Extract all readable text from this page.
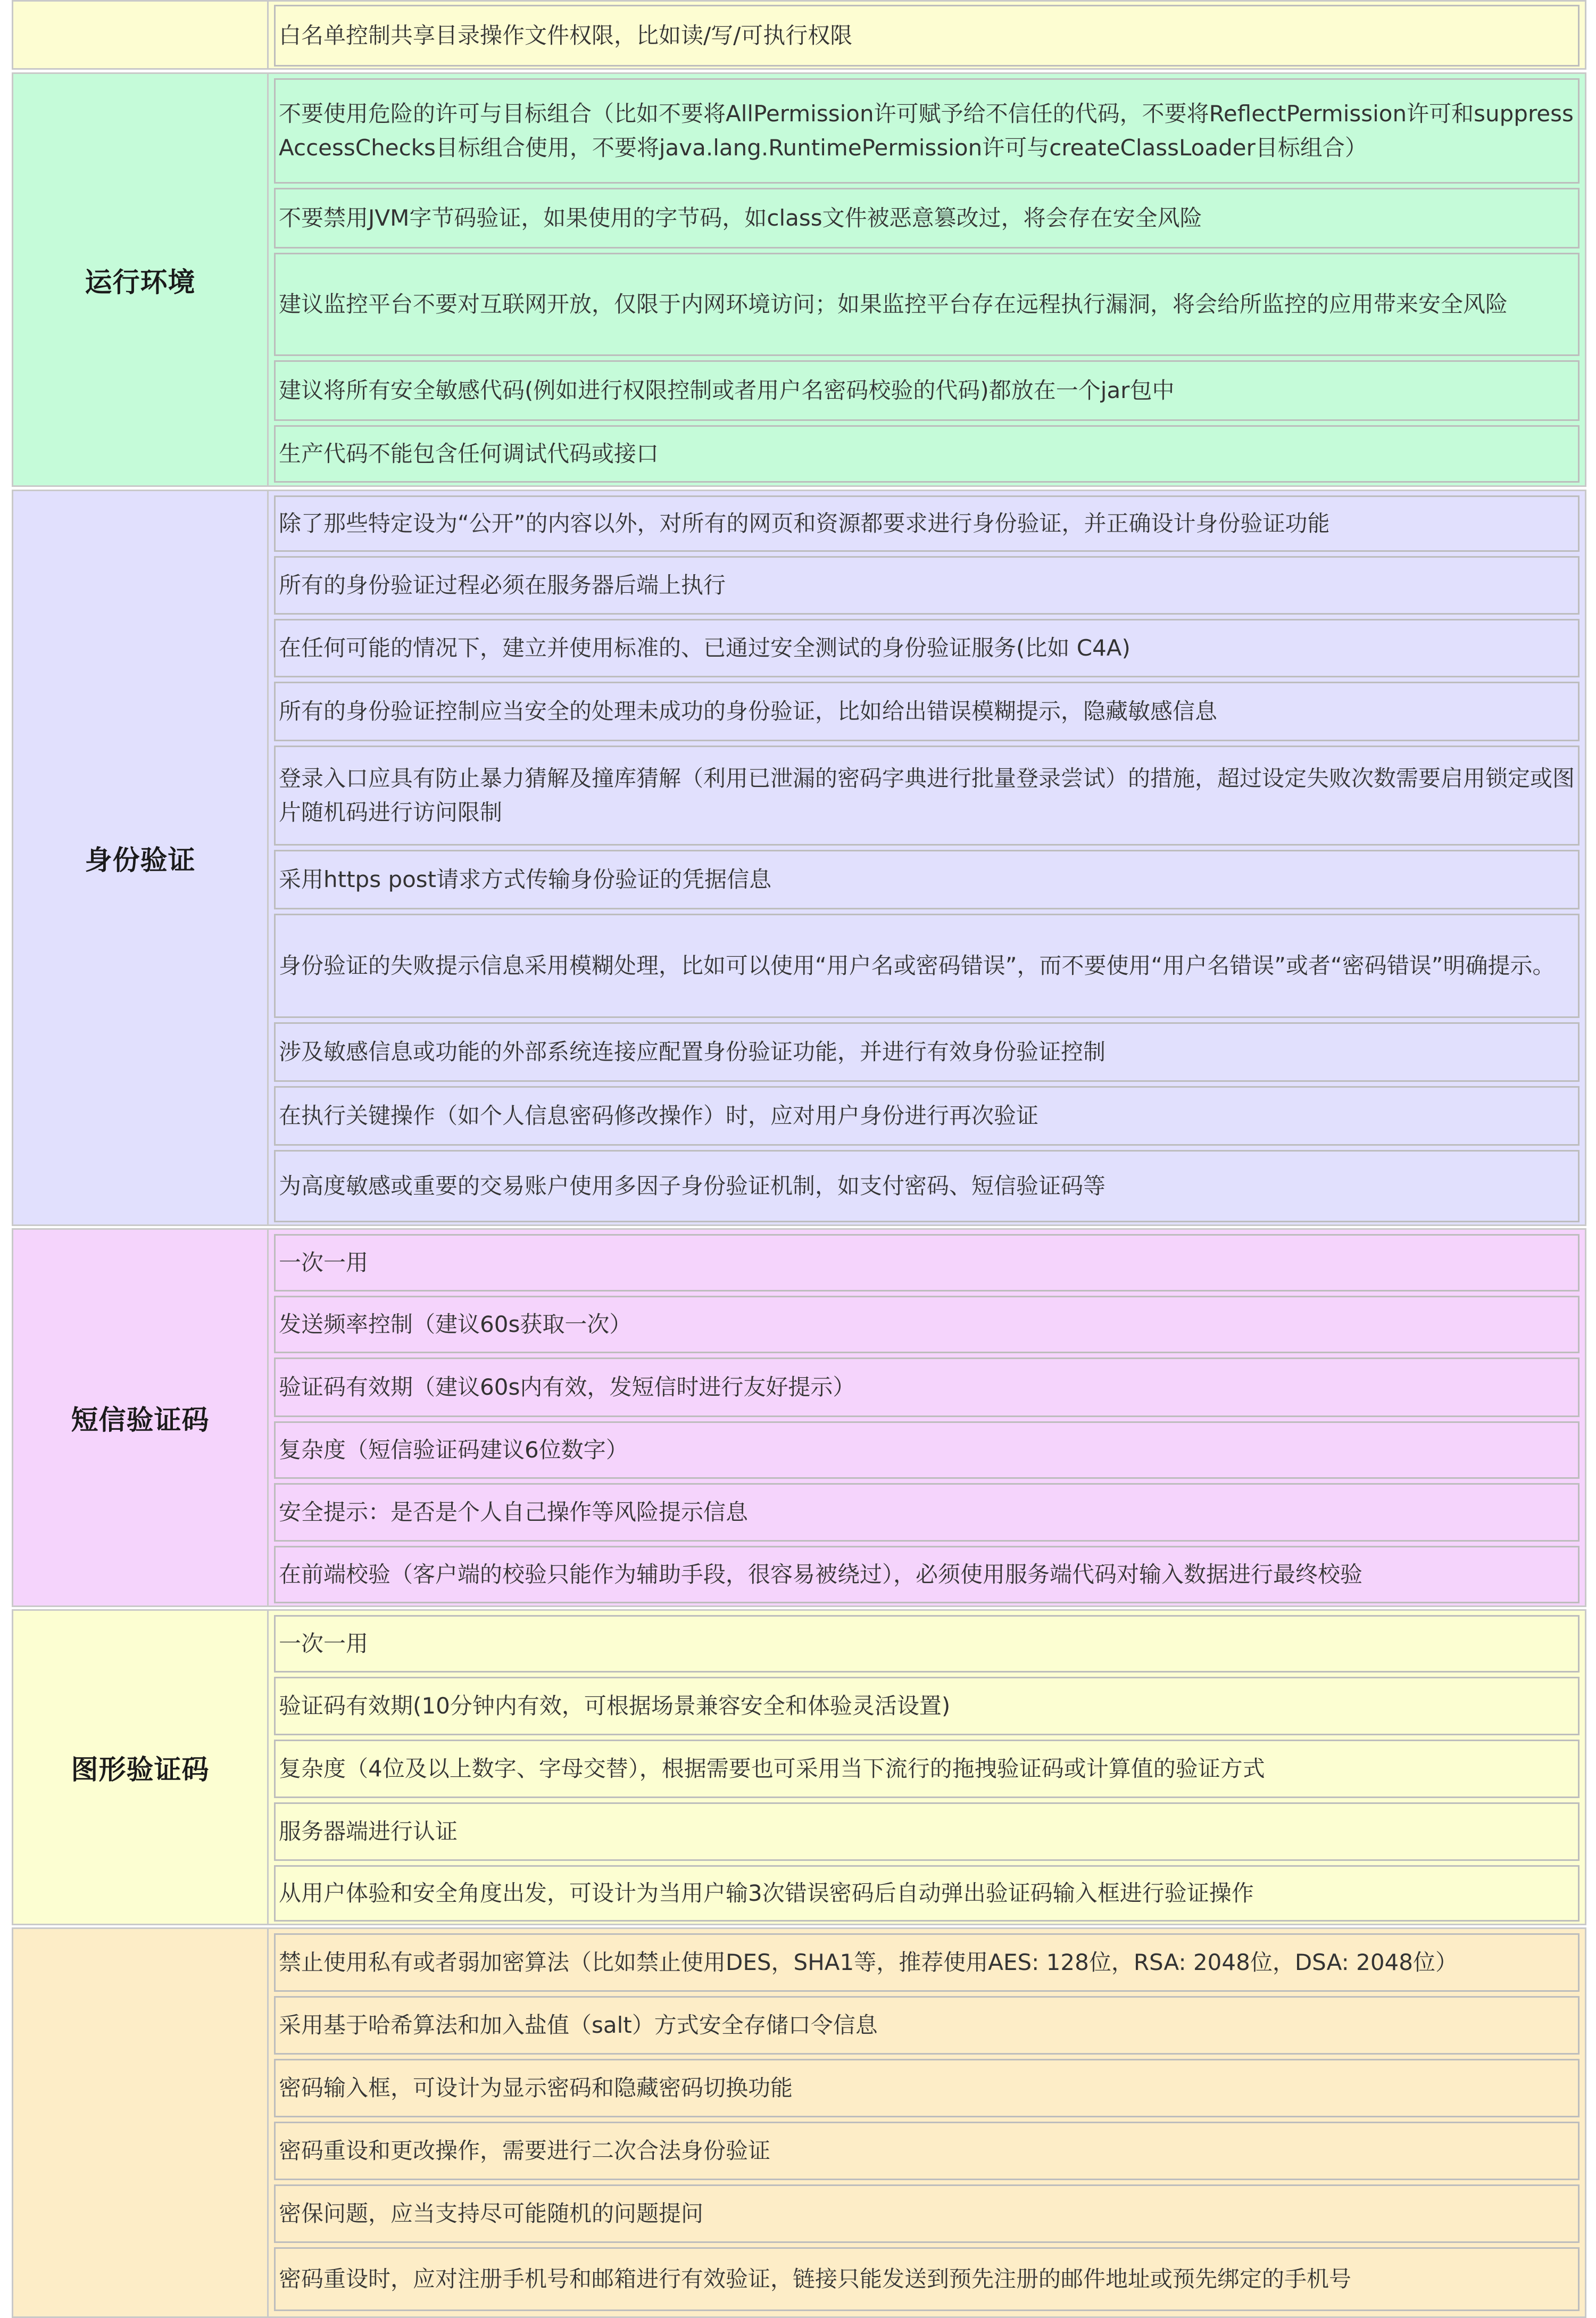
白名单控制共享目录操作文件权限，比如读/写/可执行权限
运行环境
不要使用危险的许可与目标组合（比如不要将AllPermission许可赋予给不信任的代码，不要将ReflectPermission许可和suppressAccessChecks目标组合使用，不要将java.lang.RuntimePermission许可与createClassLoader目标组合）
不要禁用JVM字节码验证，如果使用的字节码，如class文件被恶意篡改过，将会存在安全风险
建议监控平台不要对互联网开放，仅限于内网环境访问；如果监控平台存在远程执行漏洞，将会给所监控的应用带来安全风险
建议将所有安全敏感代码(例如进行权限控制或者用户名密码校验的代码)都放在一个jar包中
生产代码不能包含任何调试代码或接口
身份验证
除了那些特定设为“公开”的内容以外，对所有的网页和资源都要求进行身份验证，并正确设计身份验证功能
所有的身份验证过程必须在服务器后端上执行
在任何可能的情况下，建立并使用标准的、已通过安全测试的身份验证服务(比如 C4A)
所有的身份验证控制应当安全的处理未成功的身份验证，比如给出错误模糊提示，隐藏敏感信息
登录入口应具有防止暴力猜解及撞库猜解（利用已泄漏的密码字典进行批量登录尝试）的措施，超过设定失败次数需要启用锁定或图片随机码进行访问限制
采用https post请求方式传输身份验证的凭据信息
身份验证的失败提示信息采用模糊处理，比如可以使用“用户名或密码错误”，而不要使用“用户名错误”或者“密码错误”明确提示。
涉及敏感信息或功能的外部系统连接应配置身份验证功能，并进行有效身份验证控制
在执行关键操作（如个人信息密码修改操作）时，应对用户身份进行再次验证
为高度敏感或重要的交易账户使用多因子身份验证机制，如支付密码、短信验证码等
短信验证码
一次一用
发送频率控制（建议60s获取一次）
验证码有效期（建议60s内有效，发短信时进行友好提示）
复杂度（短信验证码建议6位数字）
安全提示：是否是个人自己操作等风险提示信息
在前端校验（客户端的校验只能作为辅助手段，很容易被绕过），必须使用服务端代码对输入数据进行最终校验
图形验证码
一次一用
验证码有效期(10分钟内有效，可根据场景兼容安全和体验灵活设置)
复杂度（4位及以上数字、字母交替），根据需要也可采用当下流行的拖拽验证码或计算值的验证方式
服务器端进行认证
从用户体验和安全角度出发，可设计为当用户输3次错误密码后自动弹出验证码输入框进行验证操作
禁止使用私有或者弱加密算法（比如禁止使用DES，SHA1等，推荐使用AES: 128位，RSA: 2048位，DSA: 2048位）
采用基于哈希算法和加入盐值（salt）方式安全存储口令信息
密码输入框，可设计为显示密码和隐藏密码切换功能
密码重设和更改操作，需要进行二次合法身份验证
密保问题，应当支持尽可能随机的问题提问
密码重设时，应对注册手机号和邮箱进行有效验证，链接只能发送到预先注册的邮件地址或预先绑定的手机号
